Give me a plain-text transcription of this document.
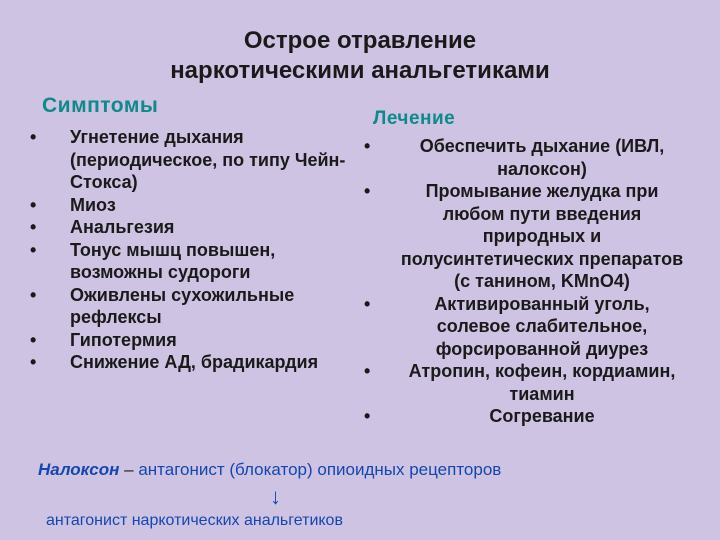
Острое отравление
наркотическими анальгетиками
Симптомы
Лечение
• Угнетение дыхания (периодическое, по типу Чейн-Стокса)
• Миоз
• Анальгезия
• Тонус мышц повышен, возможны судороги
• Оживлены сухожильные рефлексы
• Гипотермия
• Снижение АД, брадикардия
•	Обеспечить дыхание (ИВЛ, налоксон)
•	Промывание желудка при любом пути введения природных и полусинтетических препаратов (с танином, KMnO4)
•	Активированный уголь, солевое слабительное, форсированной диурез
• Атропин, кофеин, кордиамин, тиамин
•	Согревание
Налоксон – антагонист (блокатор) опиоидных рецепторов
↓
антагонист наркотических анальгетиков
